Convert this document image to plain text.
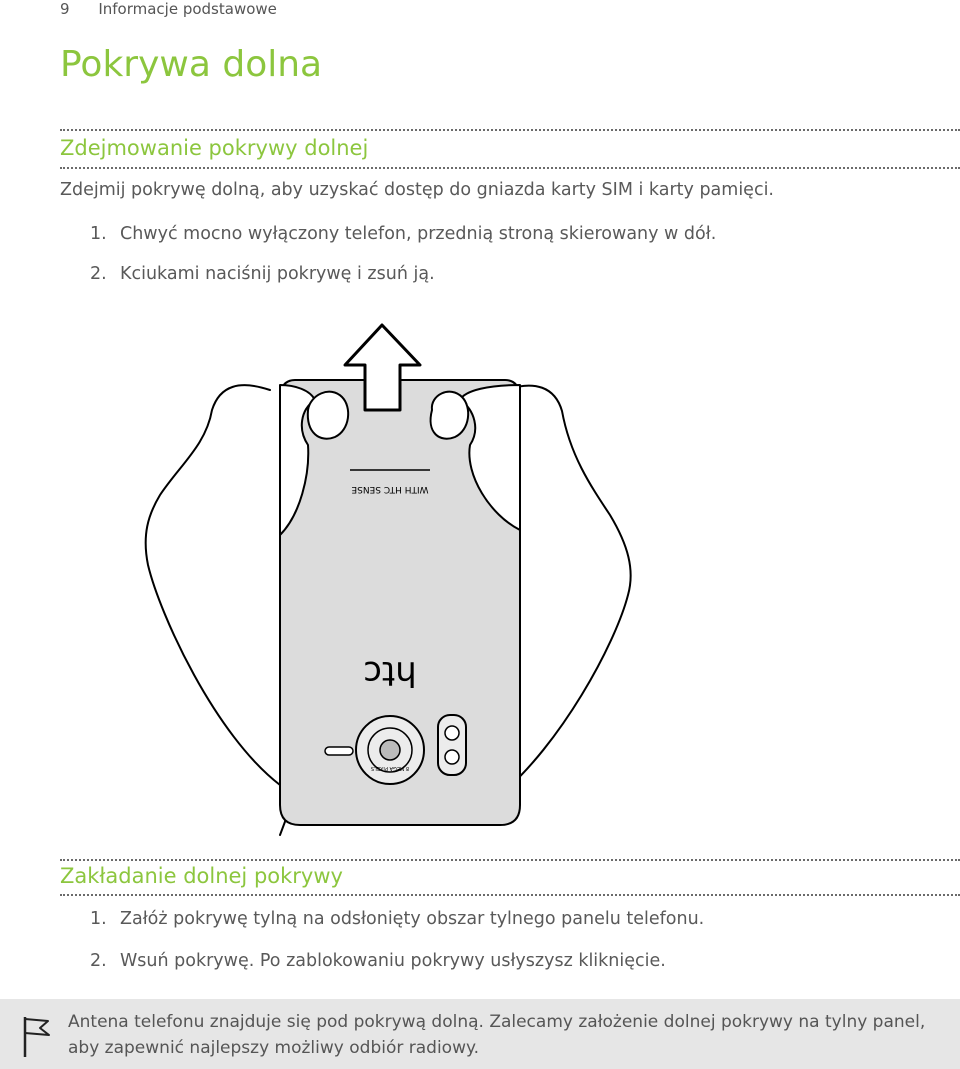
9 Informacje podstawowe
Pokrywa dolna
Zdejmowanie pokrywy dolnej

Zdejmij pokrywę dolną, aby uzyskać dostęp do gniazda karty SIM i karty pamięci.

1. Chwyć mocno wyłączony telefon, przednią stroną skierowany w dół.

2. Kciukami naciśnij pokrywę i zsuń ją.

WITH HTC SENSE
htc
8 MEGA PIXELS
Zakładanie dolnej pokrywy

1. Załóż pokrywę tylną na odsłonięty obszar tylnego panelu telefonu.

2. Wsuń pokrywę. Po zablokowaniu pokrywy usłyszysz kliknięcie.

Antena telefonu znajduje się pod pokrywą dolną. Zalecamy założenie dolnej pokrywy na tylny panel, aby zapewnić najlepszy możliwy odbiór radiowy.
